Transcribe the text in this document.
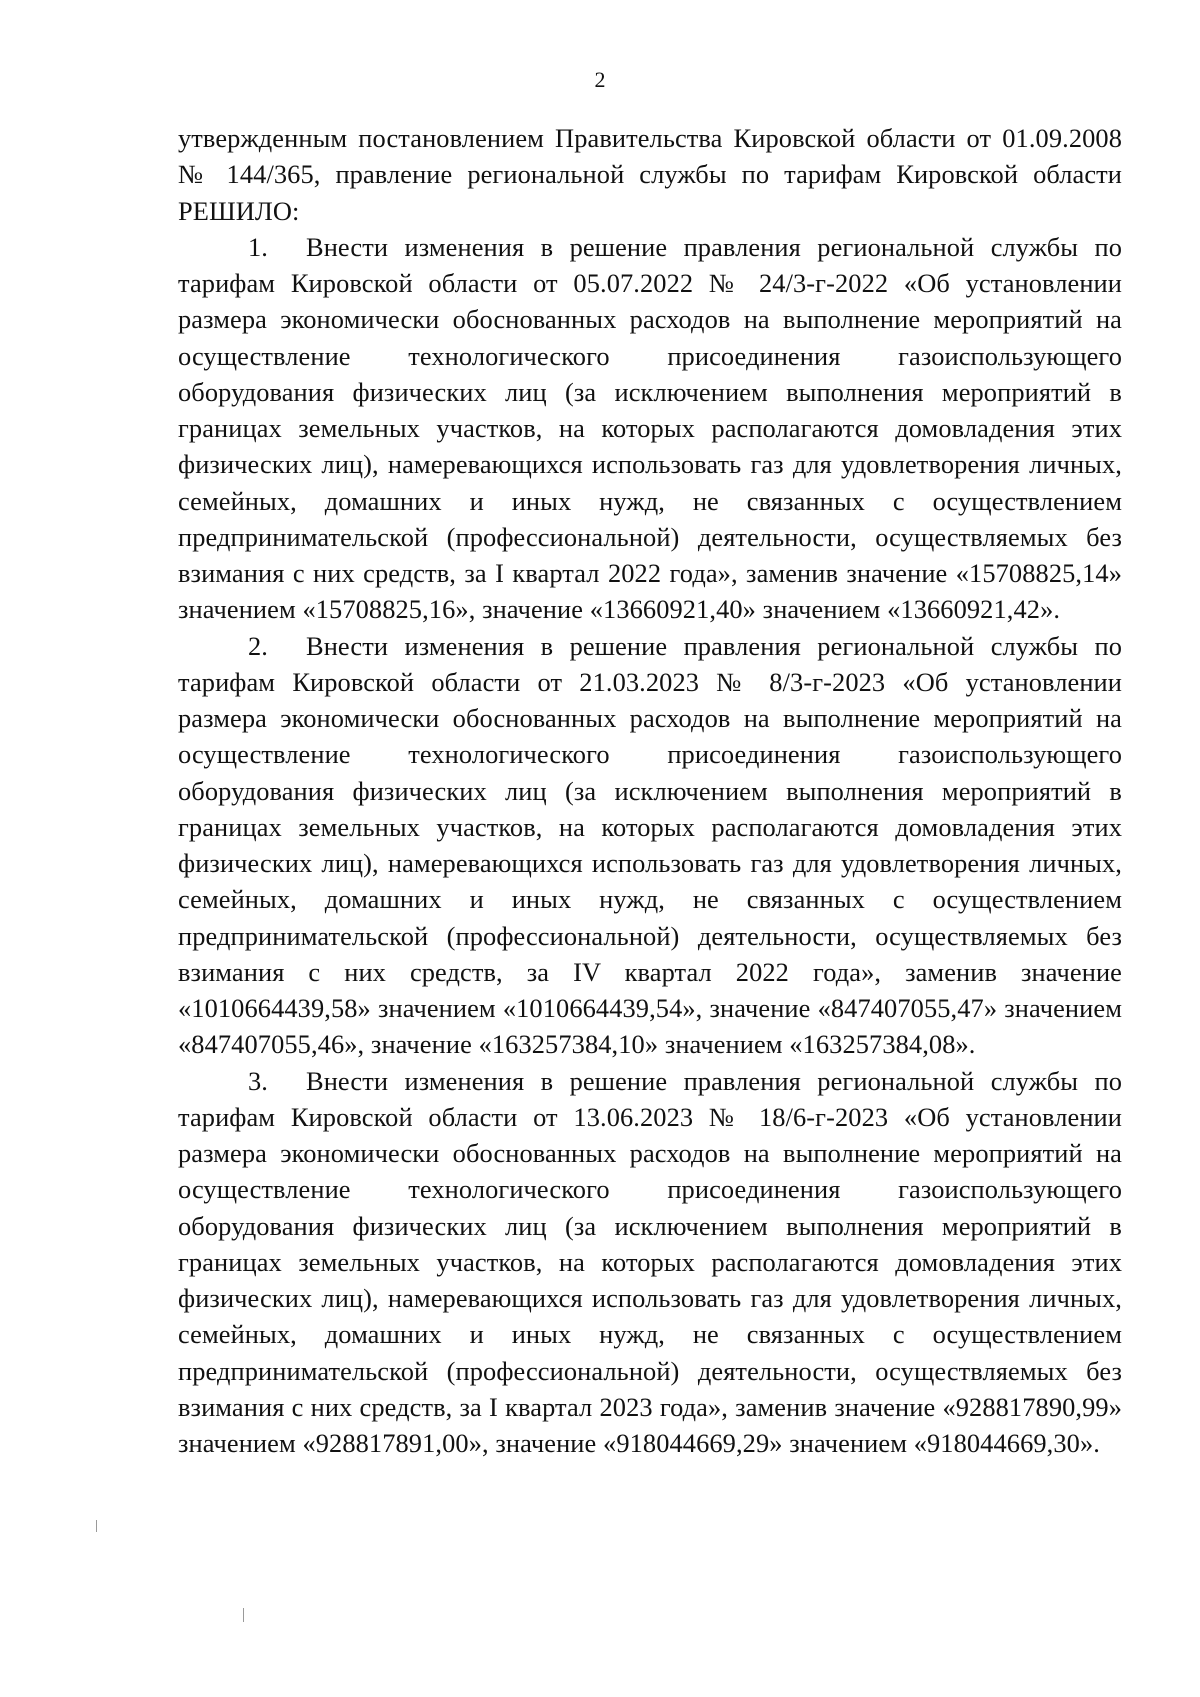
2

утвержденным постановлением Правительства Кировской области от 01.09.2008 № 144/365, правление региональной службы по тарифам Кировской области РЕШИЛО:

1. Внести изменения в решение правления региональной службы по тарифам Кировской области от 05.07.2022 № 24/3-г-2022 «Об установлении размера экономически обоснованных расходов на выполнение мероприятий на осуществление технологического присоединения газоиспользующего оборудования физических лиц (за исключением выполнения мероприятий в границах земельных участков, на которых располагаются домовладения этих физических лиц), намеревающихся использовать газ для удовлетворения личных, семейных, домашних и иных нужд, не связанных с осуществлением предпринимательской (профессиональной) деятельности, осуществляемых без взимания с них средств, за I квартал 2022 года», заменив значение «15708825,14» значением «15708825,16», значение «13660921,40» значением «13660921,42».

2. Внести изменения в решение правления региональной службы по тарифам Кировской области от 21.03.2023 № 8/3-г-2023 «Об установлении размера экономически обоснованных расходов на выполнение мероприятий на осуществление технологического присоединения газоиспользующего оборудования физических лиц (за исключением выполнения мероприятий в границах земельных участков, на которых располагаются домовладения этих физических лиц), намеревающихся использовать газ для удовлетворения личных, семейных, домашних и иных нужд, не связанных с осуществлением предпринимательской (профессиональной) деятельности, осуществляемых без взимания с них средств, за IV квартал 2022 года», заменив значение «1010664439,58» значением «1010664439,54», значение «847407055,47» значением «847407055,46», значение «163257384,10» значением «163257384,08».

3. Внести изменения в решение правления региональной службы по тарифам Кировской области от 13.06.2023 № 18/6-г-2023 «Об установлении размера экономически обоснованных расходов на выполнение мероприятий на осуществление технологического присоединения газоиспользующего оборудования физических лиц (за исключением выполнения мероприятий в границах земельных участков, на которых располагаются домовладения этих физических лиц), намеревающихся использовать газ для удовлетворения личных, семейных, домашних и иных нужд, не связанных с осуществлением предпринимательской (профессиональной) деятельности, осуществляемых без взимания с них средств, за I квартал 2023 года», заменив значение «928817890,99» значением «928817891,00», значение «918044669,29» значением «918044669,30».
